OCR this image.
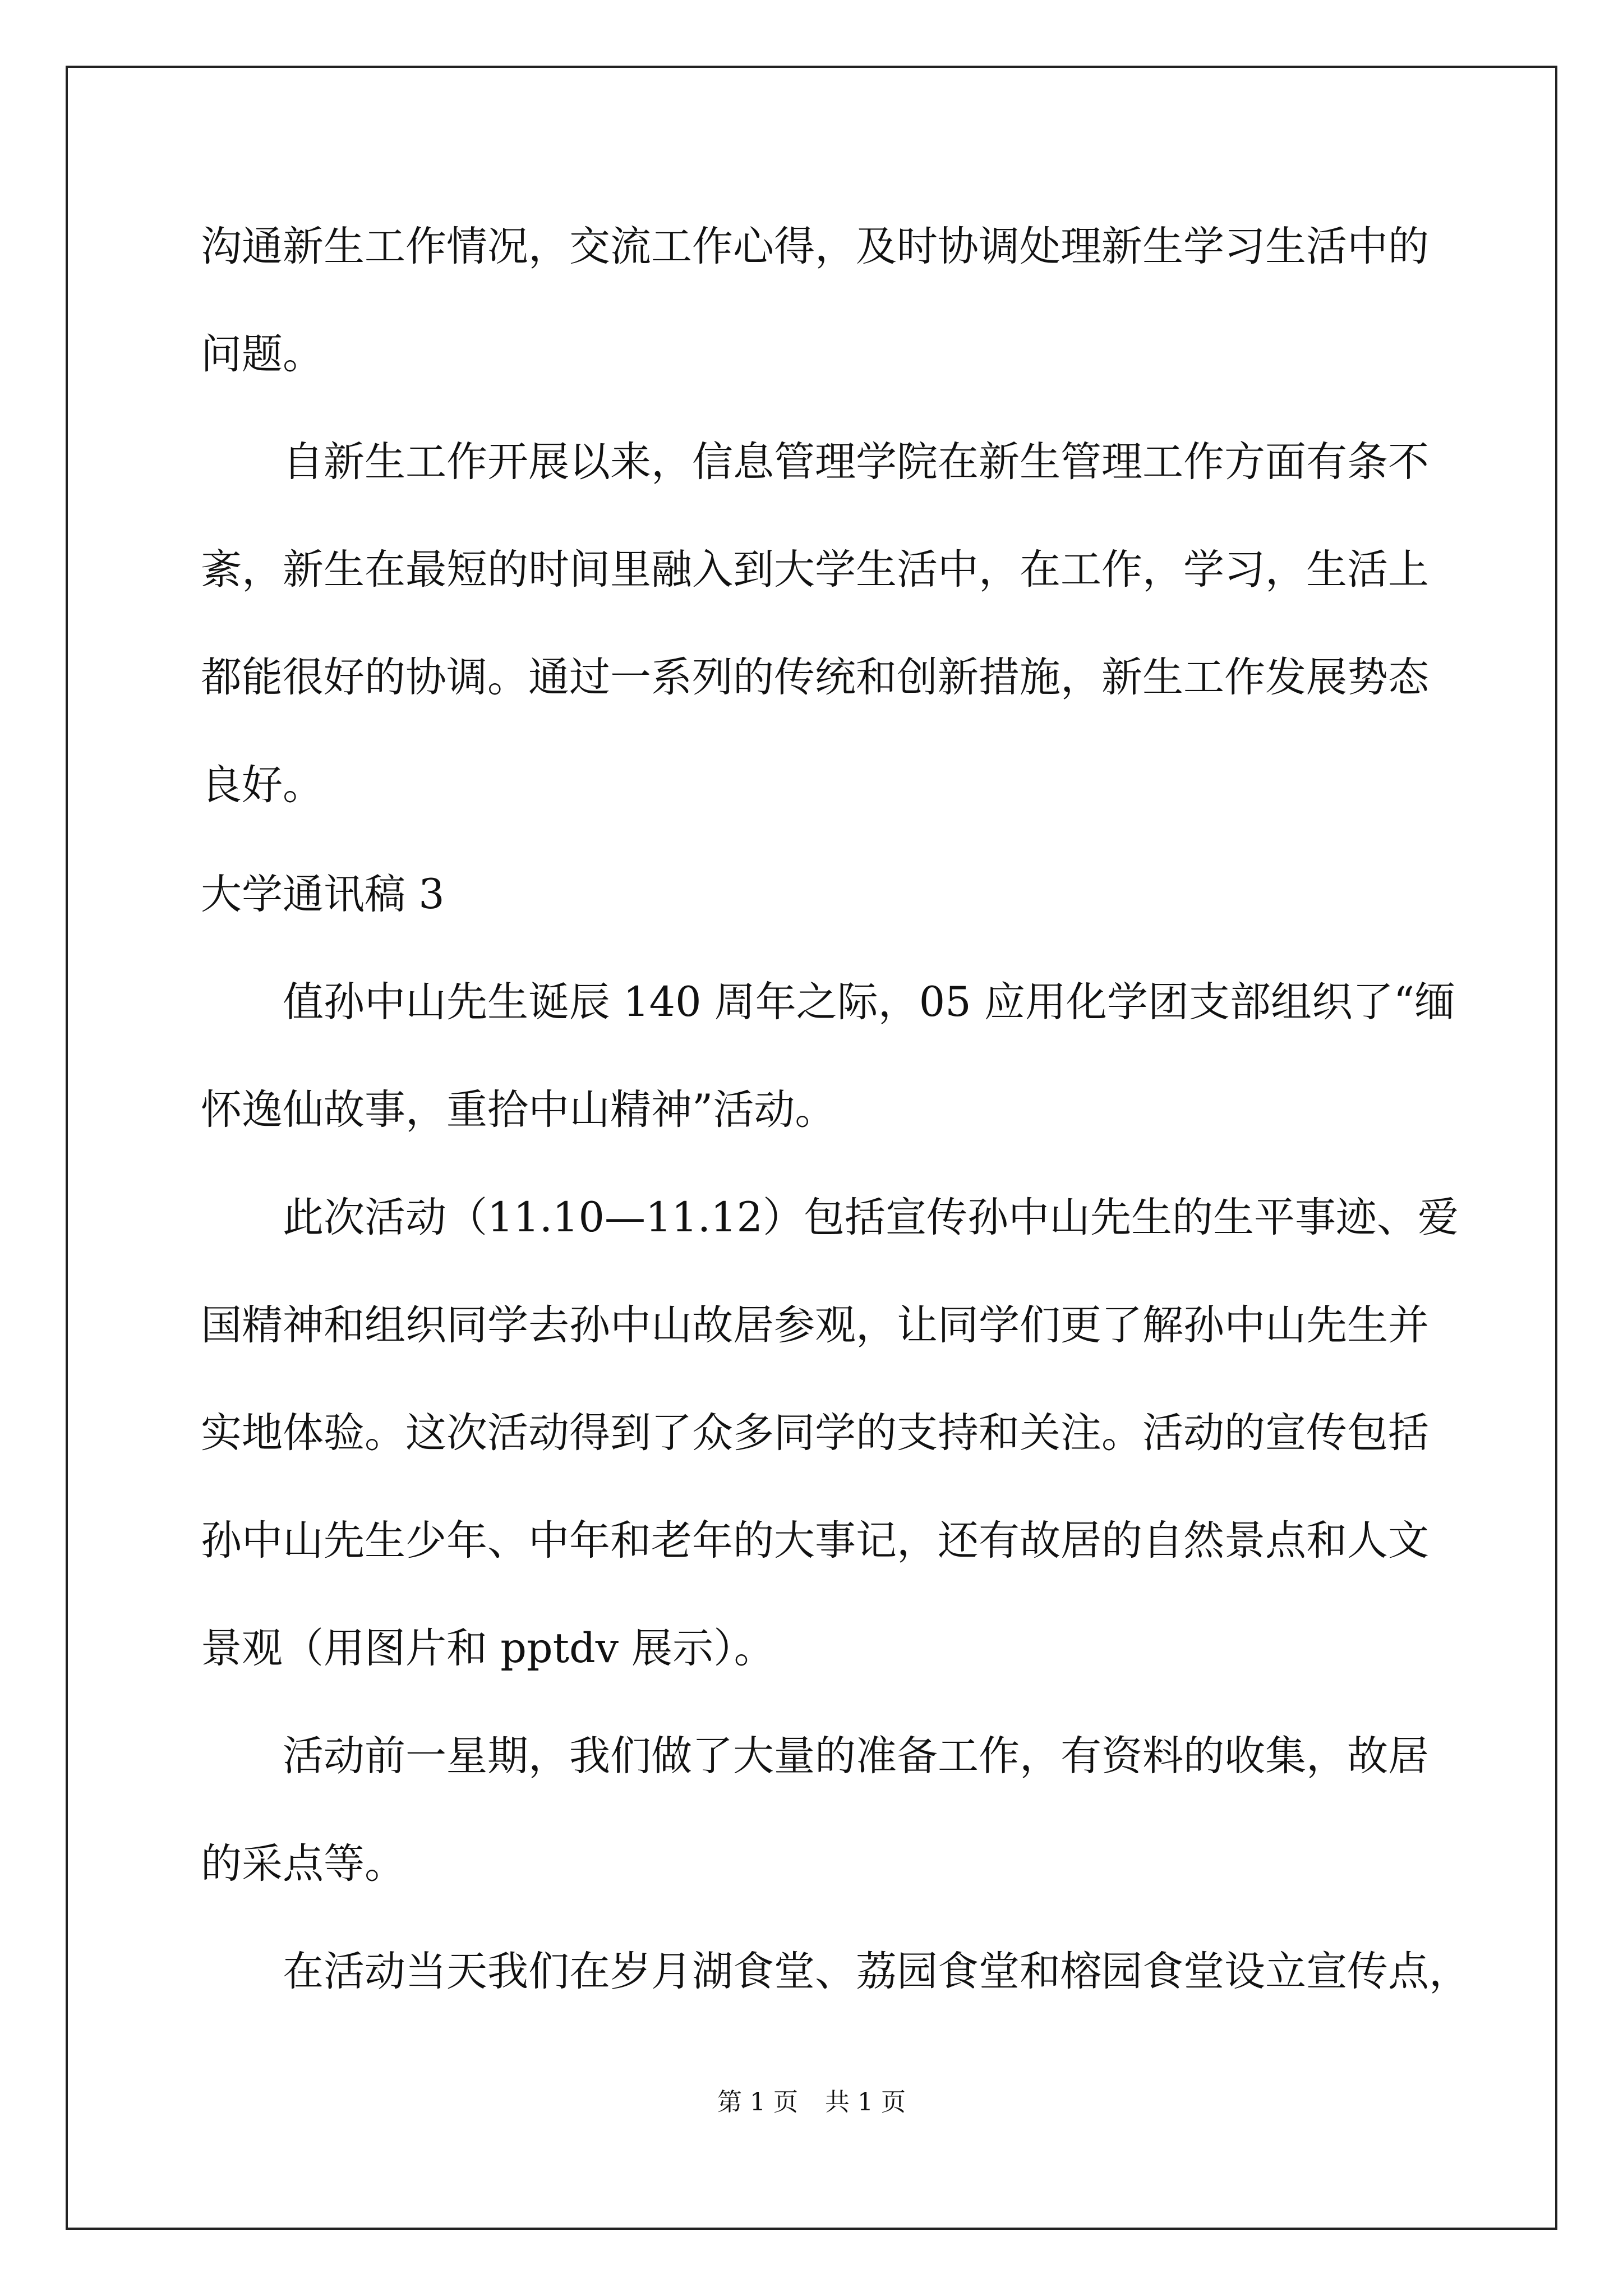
沟通新生工作情况，交流工作心得，及时协调处理新生学习生活中的
问题。
自新生工作开展以来，信息管理学院在新生管理工作方面有条不
紊，新生在最短的时间里融入到大学生活中，在工作，学习，生活上
都能很好的协调。通过一系列的传统和创新措施，新生工作发展势态
良好。
大学通讯稿 3
值孙中山先生诞辰 140 周年之际，05 应用化学团支部组织了“缅
怀逸仙故事，重拾中山精神”活动。
此次活动（11.10—11.12）包括宣传孙中山先生的生平事迹、爱
国精神和组织同学去孙中山故居参观，让同学们更了解孙中山先生并
实地体验。这次活动得到了众多同学的支持和关注。活动的宣传包括
孙中山先生少年、中年和老年的大事记，还有故居的自然景点和人文
景观（用图片和 pptdv 展示）。
活动前一星期，我们做了大量的准备工作，有资料的收集，故居
的采点等。
在活动当天我们在岁月湖食堂、荔园食堂和榕园食堂设立宣传点，
第 1 页 共 1 页
